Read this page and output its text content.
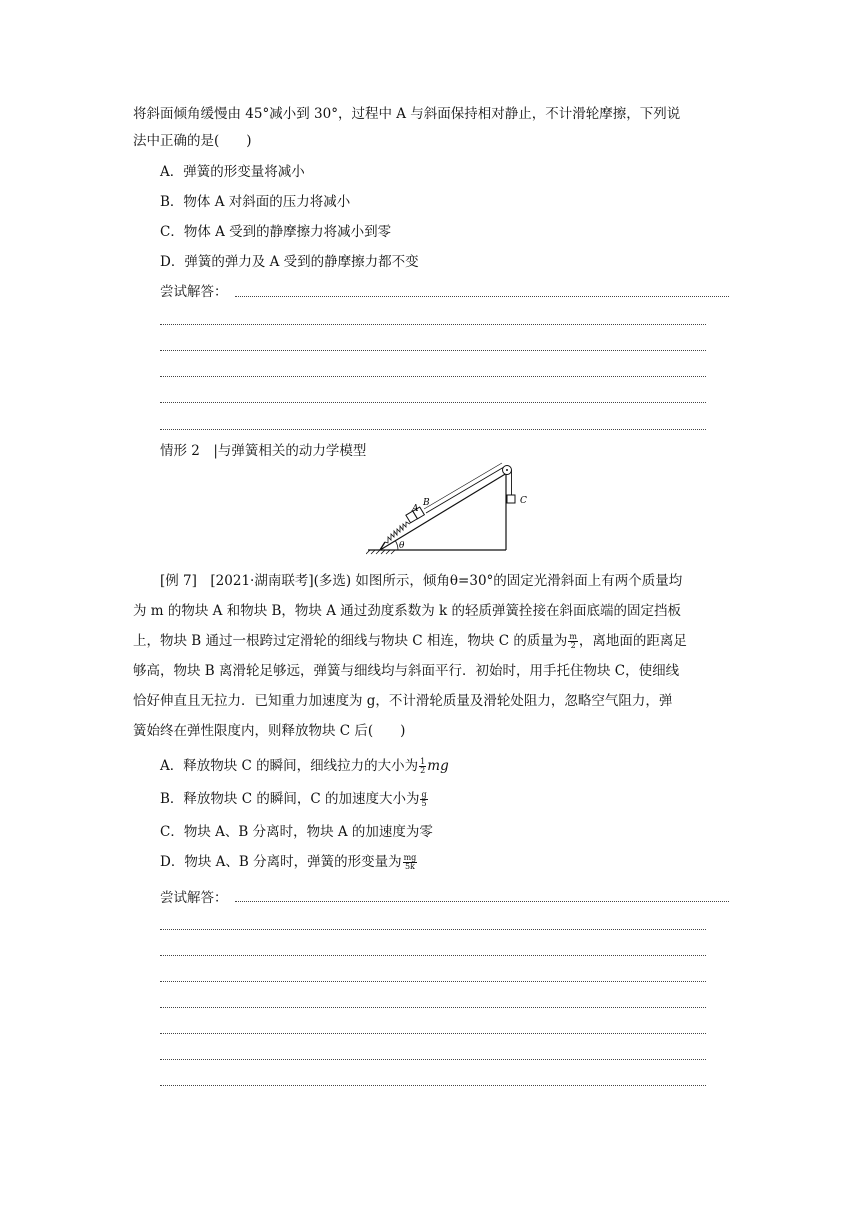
将斜面倾角缓慢由 45°减小到 30°，过程中 A 与斜面保持相对静止，不计滑轮摩擦，下列说
法中正确的是(　　)
A．弹簧的形变量将减小
B．物体 A 对斜面的压力将减小
C．物体 A 受到的静摩擦力将减小到零
D．弹簧的弹力及 A 受到的静摩擦力都不变
尝试解答：
情形 2　|与弹簧相关的动力学模型
A
B	C
θ
[例 7]　[2021·湖南联考](多选) 如图所示，倾角θ=30°的固定光滑斜面上有两个质量均
为 m 的物块 A 和物块 B，物块 A 通过劲度系数为 k 的轻质弹簧拴接在斜面底端的固定挡板
上，物块 B 通过一根跨过定滑轮的细线与物块 C 相连，物块 C 的质量为 $\frac{m}{2}$ ，离地面的距离足
够高，物块 B 离滑轮足够远，弹簧与细线均与斜面平行．初始时，用手托住物块 C，使细线
恰好伸直且无拉力．已知重力加速度为 g，不计滑轮质量及滑轮处阻力，忽略空气阻力，弹
簧始终在弹性限度内，则释放物块 C 后(　　)
A．释放物块 C 的瞬间，细线拉力的大小为 $\frac{1}{2}$ mg
B．释放物块 C 的瞬间，C 的加速度大小为 $\frac{g}{5}$
C．物块 A、B 分离时，物块 A 的加速度为零
D．物块 A、B 分离时，弹簧的形变量为 $\frac{mg}{5k}$
尝试解答：
